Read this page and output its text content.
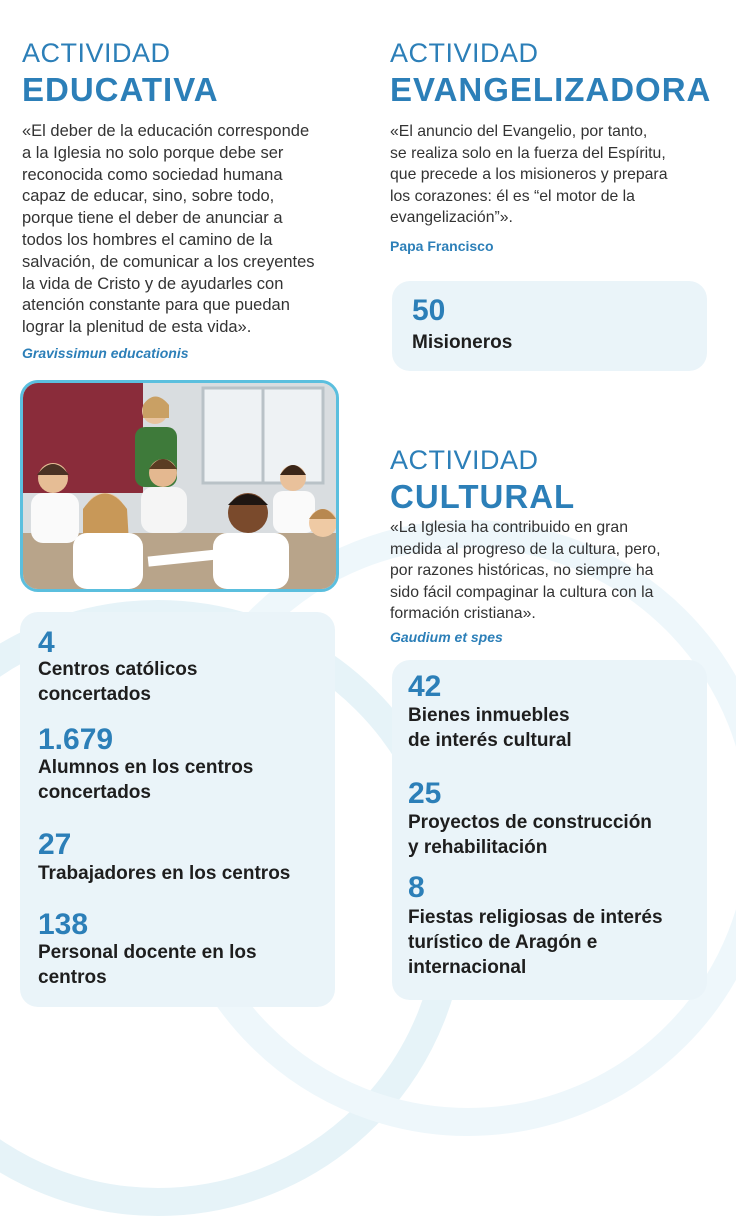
ACTIVIDAD
EDUCATIVA
«El deber de la educación corresponde
a la Iglesia no solo porque debe ser
reconocida como sociedad humana
capaz de educar, sino, sobre todo,
porque tiene el deber de anunciar a
todos los hombres el camino de la
salvación, de comunicar a los creyentes
la vida de Cristo y de ayudarles con
atención constante para que puedan
lograr la plenitud de esta vida».
Gravissimun educationis
4
Centros católicos
concertados
1.679
Alumnos en los centros
concertados
27
Trabajadores en los centros
138
Personal docente en los
centros
ACTIVIDAD
EVANGELIZADORA
«El anuncio del Evangelio, por tanto,
se realiza solo en la fuerza del Espíritu,
que precede a los misioneros y prepara
los corazones: él es “el motor de la
evangelización”».
Papa Francisco
50
Misioneros
ACTIVIDAD
CULTURAL
«La Iglesia ha contribuido en gran
medida al progreso de la cultura, pero,
por razones históricas, no siempre ha
sido fácil compaginar la cultura con la
formación cristiana».
Gaudium et spes
42
Bienes inmuebles
de interés cultural
25
Proyectos de construcción
y rehabilitación
8
Fiestas religiosas de interés
turístico de Aragón e
internacional
